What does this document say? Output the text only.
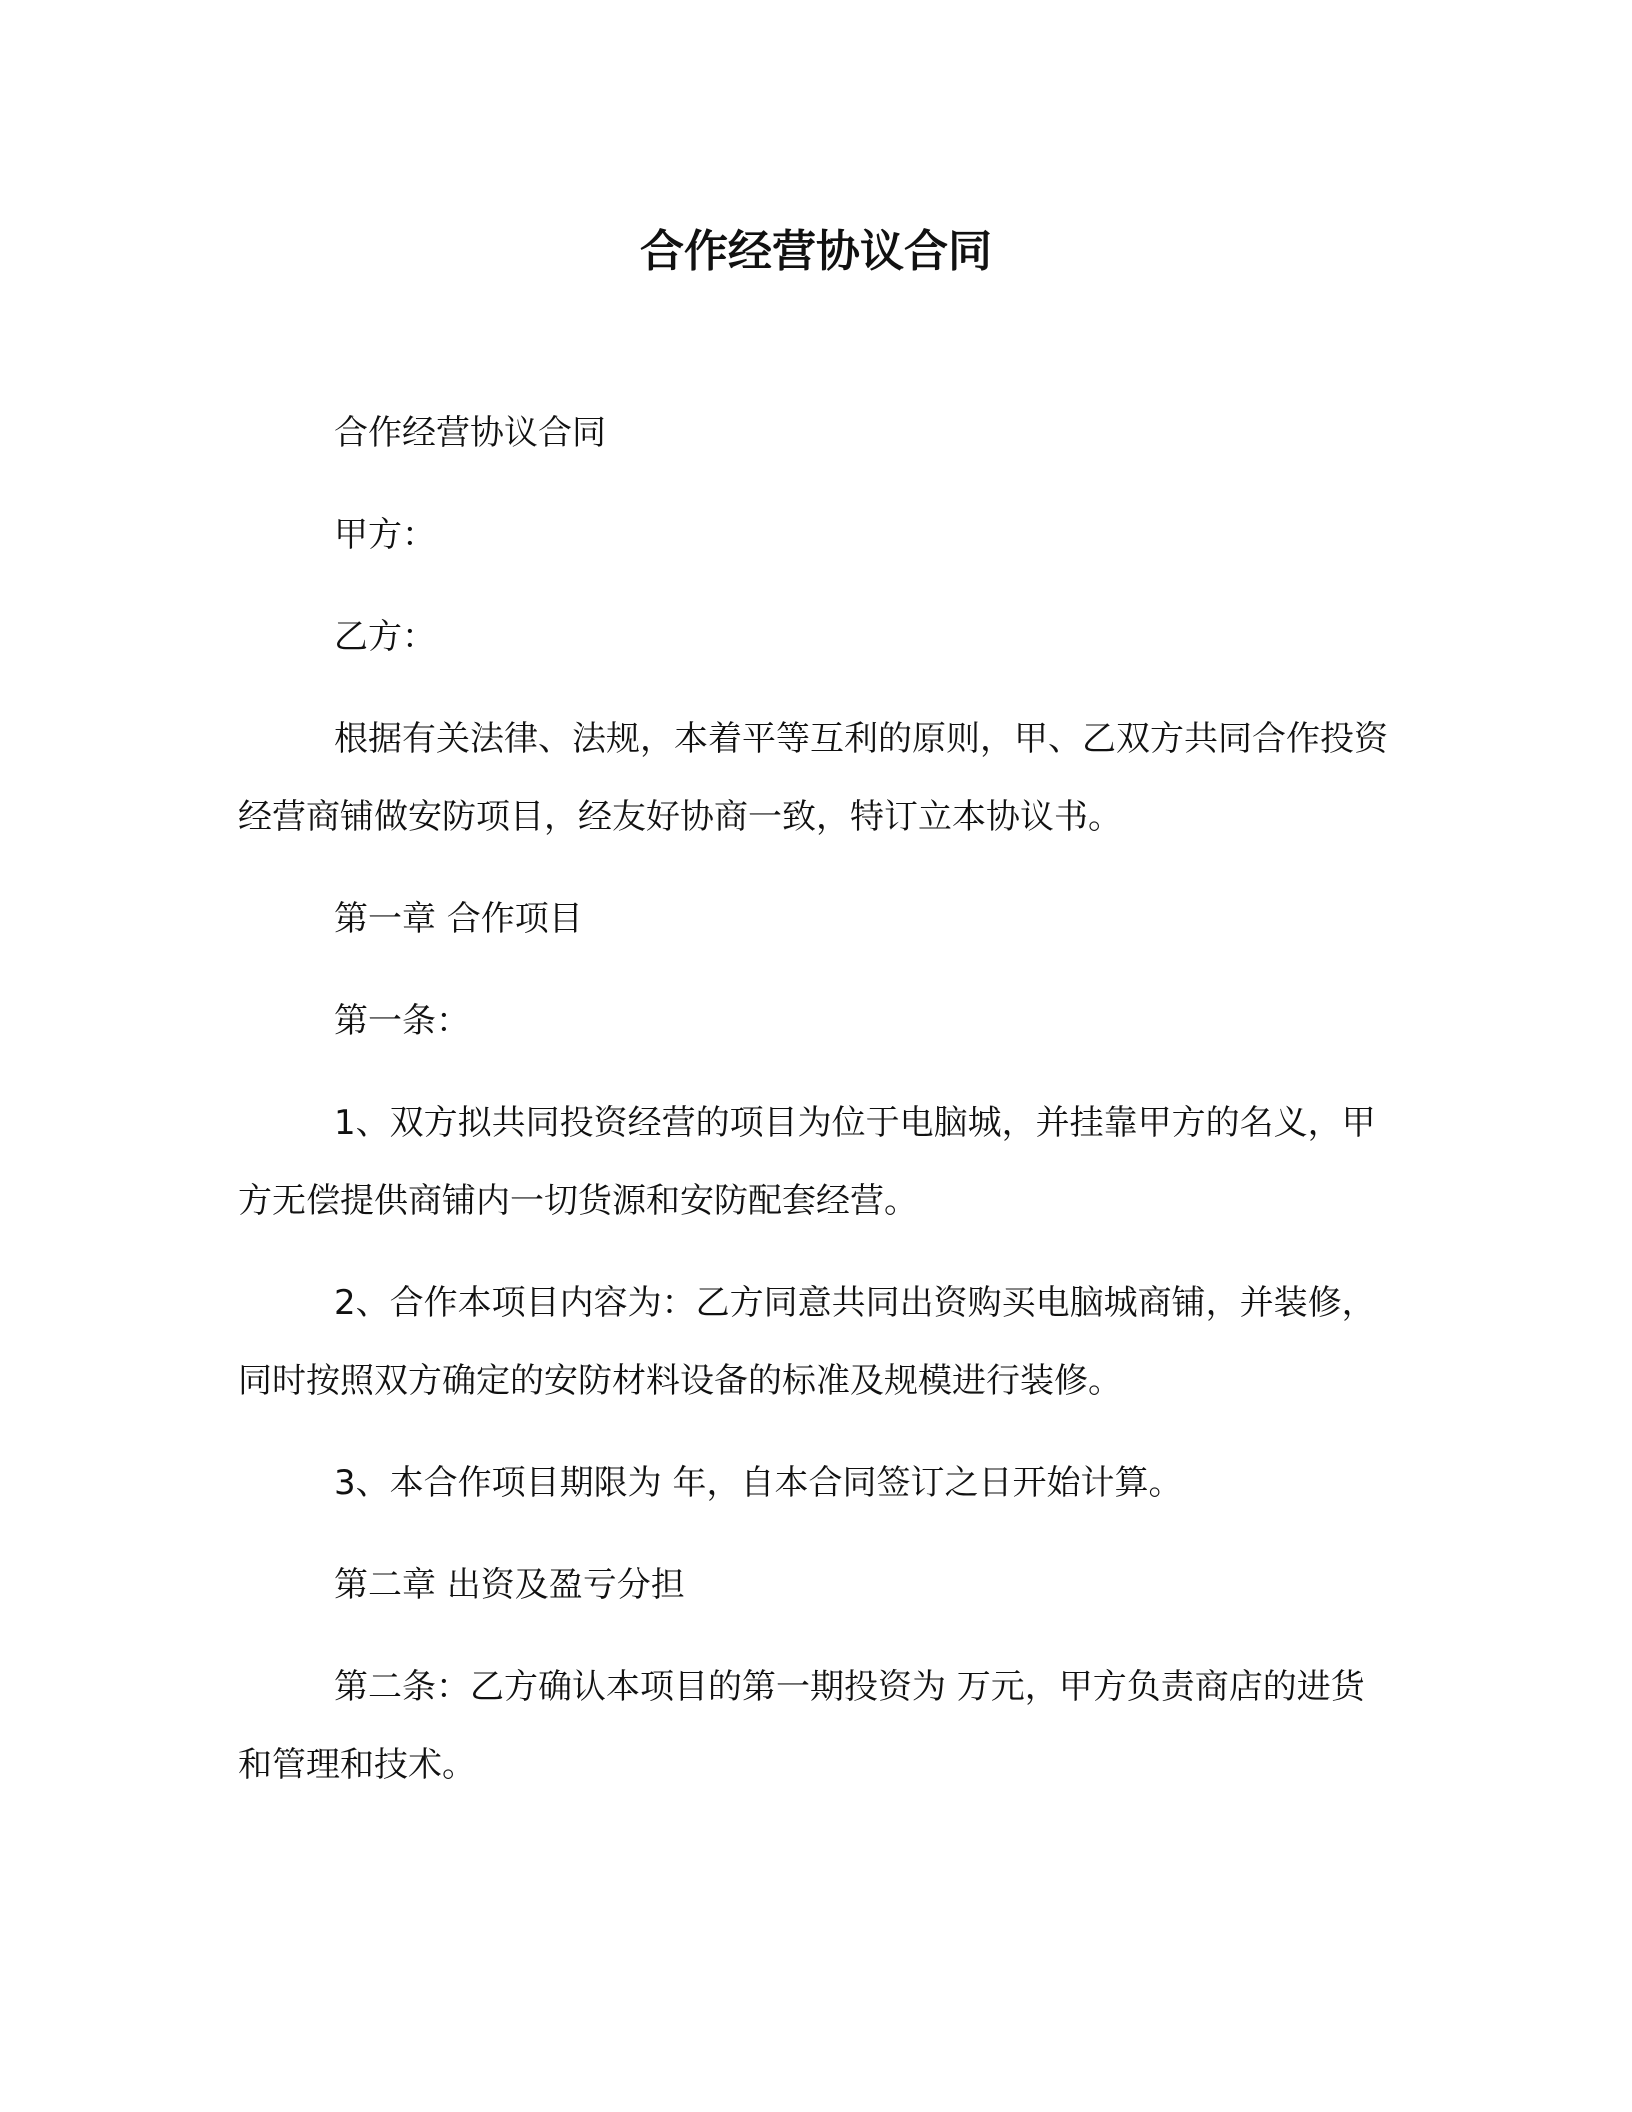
合作经营协议合同

合作经营协议合同

甲方：

乙方：

根据有关法律、法规，本着平等互利的原则，甲、乙双方共同合作投资经营商铺做安防项目，经友好协商一致，特订立本协议书。

第一章 合作项目

第一条：

1、双方拟共同投资经营的项目为位于电脑城，并挂靠甲方的名义，甲方无偿提供商铺内一切货源和安防配套经营。

2、合作本项目内容为：乙方同意共同出资购买电脑城商铺，并装修，同时按照双方确定的安防材料设备的标准及规模进行装修。

3、本合作项目期限为 年，自本合同签订之日开始计算。

第二章 出资及盈亏分担

第二条：乙方确认本项目的第一期投资为 万元，甲方负责商店的进货和管理和技术。
